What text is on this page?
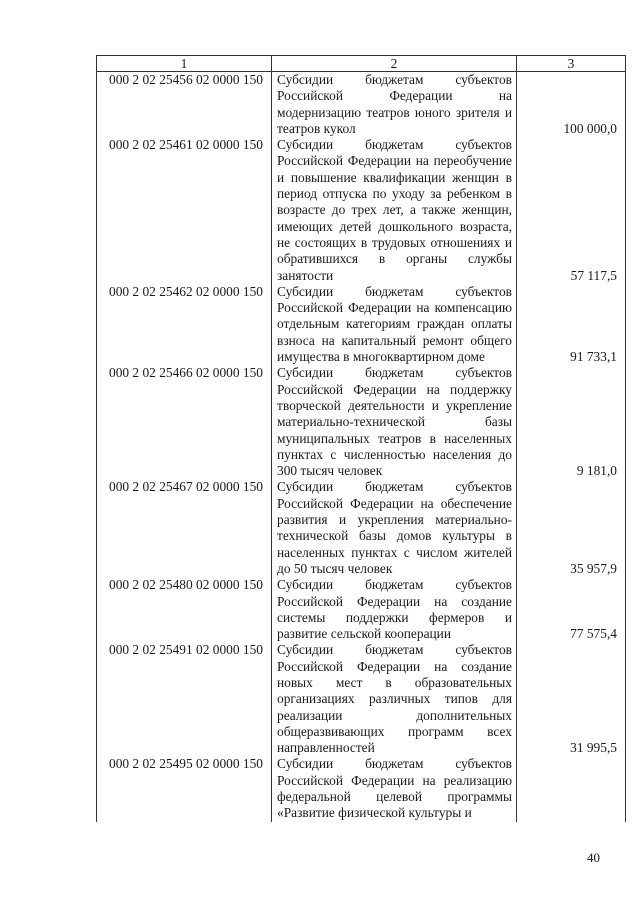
1	2	3
000 2 02 25456 02 0000 150	Субсидии бюджетам субъектов Российской Федерации на модернизацию театров юного зрителя и театров кукол	100 000,0
000 2 02 25461 02 0000 150	Субсидии бюджетам субъектов Российской Федерации на переобучение и повышение квалификации женщин в период отпуска по уходу за ребенком в возрасте до трех лет, а также женщин, имеющих детей дошкольного возраста, не состоящих в трудовых отношениях и обратившихся в органы службы занятости	57 117,5
000 2 02 25462 02 0000 150	Субсидии бюджетам субъектов Российской Федерации на компенсацию отдельным категориям граждан оплаты взноса на капитальный ремонт общего имущества в многоквартирном доме	91 733,1
000 2 02 25466 02 0000 150	Субсидии бюджетам субъектов Российской Федерации на поддержку творческой деятельности и укрепление материально-технической базы муниципальных театров в населенных пунктах с численностью населения до 300 тысяч человек	9 181,0
000 2 02 25467 02 0000 150	Субсидии бюджетам субъектов Российской Федерации на обеспечение развития и укрепления материально-технической базы домов культуры в населенных пунктах с числом жителей до 50 тысяч человек	35 957,9
000 2 02 25480 02 0000 150	Субсидии бюджетам субъектов Российской Федерации на создание системы поддержки фермеров и развитие сельской кооперации	77 575,4
000 2 02 25491 02 0000 150	Субсидии бюджетам субъектов Российской Федерации на создание новых мест в образовательных организациях различных типов для реализации дополнительных общеразвивающих программ всех направленностей	31 995,5
000 2 02 25495 02 0000 150	Субсидии бюджетам субъектов Российской Федерации на реализацию федеральной целевой программы «Развитие физической культуры и	
40
